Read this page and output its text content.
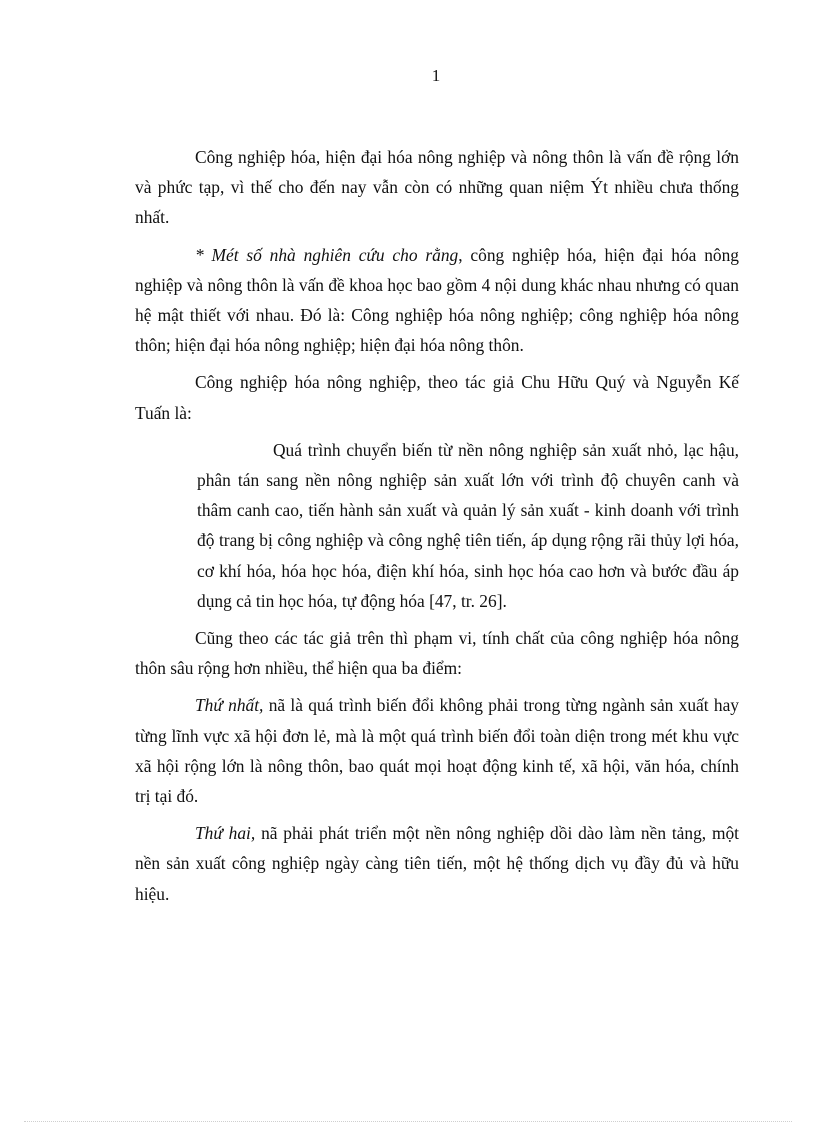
1

Công nghiệp hóa, hiện đại hóa nông nghiệp và nông thôn là vấn đề rộng lớn và phức tạp, vì thế cho đến nay vẫn còn có những quan niệm Ýt nhiều chưa thống nhất.

* Mét số nhà nghiên cứu cho rằng, công nghiệp hóa, hiện đại hóa nông nghiệp và nông thôn là vấn đề khoa học bao gồm 4 nội dung khác nhau nhưng có quan hệ mật thiết với nhau. Đó là: Công nghiệp hóa nông nghiệp; công nghiệp hóa nông thôn; hiện đại hóa nông nghiệp; hiện đại hóa nông thôn.

Công nghiệp hóa nông nghiệp, theo tác giả Chu Hữu Quý và Nguyễn Kế Tuấn là:

Quá trình chuyển biến từ nền nông nghiệp sản xuất nhỏ, lạc hậu, phân tán sang nền nông nghiệp sản xuất lớn với trình độ chuyên canh và thâm canh cao, tiến hành sản xuất và quản lý sản xuất - kinh doanh với trình độ trang bị công nghiệp và công nghệ tiên tiến, áp dụng rộng rãi thủy lợi hóa, cơ khí hóa, hóa học hóa, điện khí hóa, sinh học hóa cao hơn và bước đầu áp dụng cả tin học hóa, tự động hóa [47, tr. 26].

Cũng theo các tác giả trên thì phạm vi, tính chất của công nghiệp hóa nông thôn sâu rộng hơn nhiều, thể hiện qua ba điểm:

Thứ nhất, nã là quá trình biến đổi không phải trong từng ngành sản xuất hay từng lĩnh vực xã hội đơn lẻ, mà là một quá trình biến đổi toàn diện trong mét khu vực xã hội rộng lớn là nông thôn, bao quát mọi hoạt động kinh tế, xã hội, văn hóa, chính trị tại đó.

Thứ hai, nã phải phát triển một nền nông nghiệp dồi dào làm nền tảng, một nền sản xuất công nghiệp ngày càng tiên tiến, một hệ thống dịch vụ đầy đủ và hữu hiệu.
